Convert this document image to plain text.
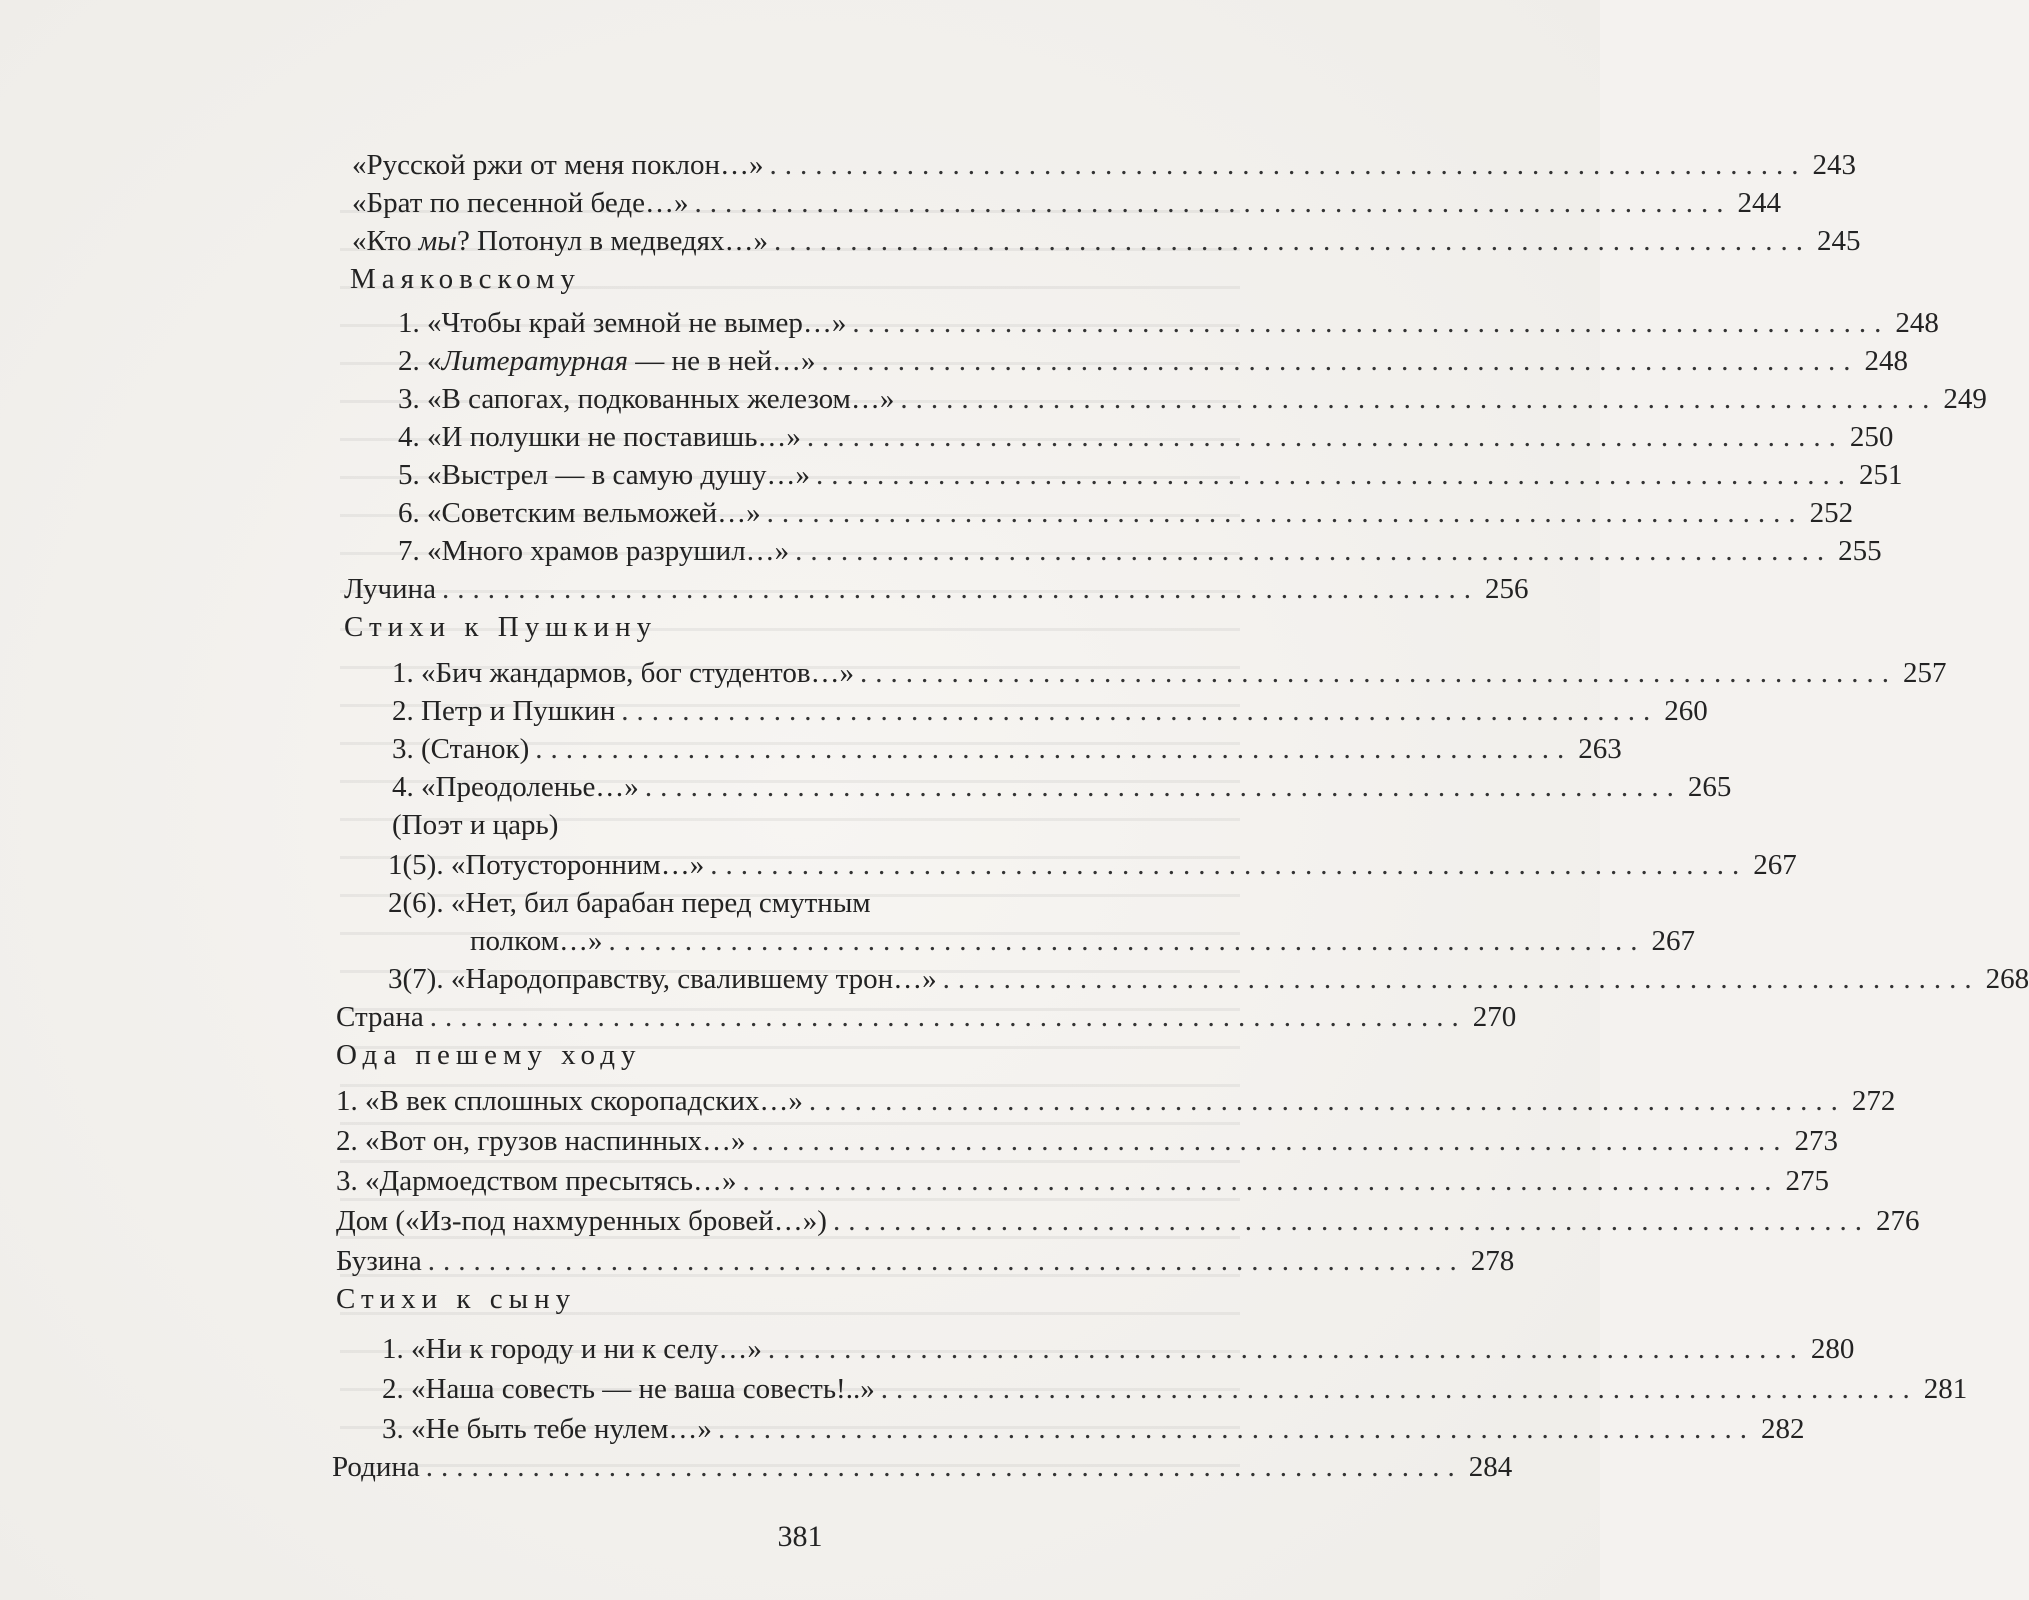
«Русской ржи от меня поклон…» .................................................................... 243
«Брат по песенной беде…» .................................................................... 244
«Кто мы? Потонул в медведях…» .................................................................... 245
Маяковскому
1. «Чтобы край земной не вымер…» .................................................................... 248
2. «Литературная — не в ней…» .................................................................... 248
3. «В сапогах, подкованных железом…» .................................................................... 249
4. «И полушки не поставишь…» .................................................................... 250
5. «Выстрел — в самую душу…» .................................................................... 251
6. «Советским вельможей…» .................................................................... 252
7. «Много храмов разрушил…» .................................................................... 255
Лучина .................................................................... 256
Стихи к Пушкину
1. «Бич жандармов, бог студентов…» .................................................................... 257
2. Петр и Пушкин .................................................................... 260
3. (Станок) .................................................................... 263
4. «Преодоленье…» .................................................................... 265
(Поэт и царь)
1(5). «Потусторонним…» .................................................................... 267
2(6). «Нет, бил барабан перед смутным
полком…» .................................................................... 267
3(7). «Народоправству, свалившему трон…» .................................................................... 268
Страна .................................................................... 270
Ода пешему ходу
1. «В век сплошных скоропадских…» .................................................................... 272
2. «Вот он, грузов наспинных…» .................................................................... 273
3. «Дармоедством пресытясь…» .................................................................... 275
Дом («Из-под нахмуренных бровей…») .................................................................... 276
Бузина .................................................................... 278
Стихи к сыну
1. «Ни к городу и ни к селу…» .................................................................... 280
2. «Наша совесть — не ваша совесть!..» .................................................................... 281
3. «Не быть тебе нулем…» .................................................................... 282
Родина .................................................................... 284
381
